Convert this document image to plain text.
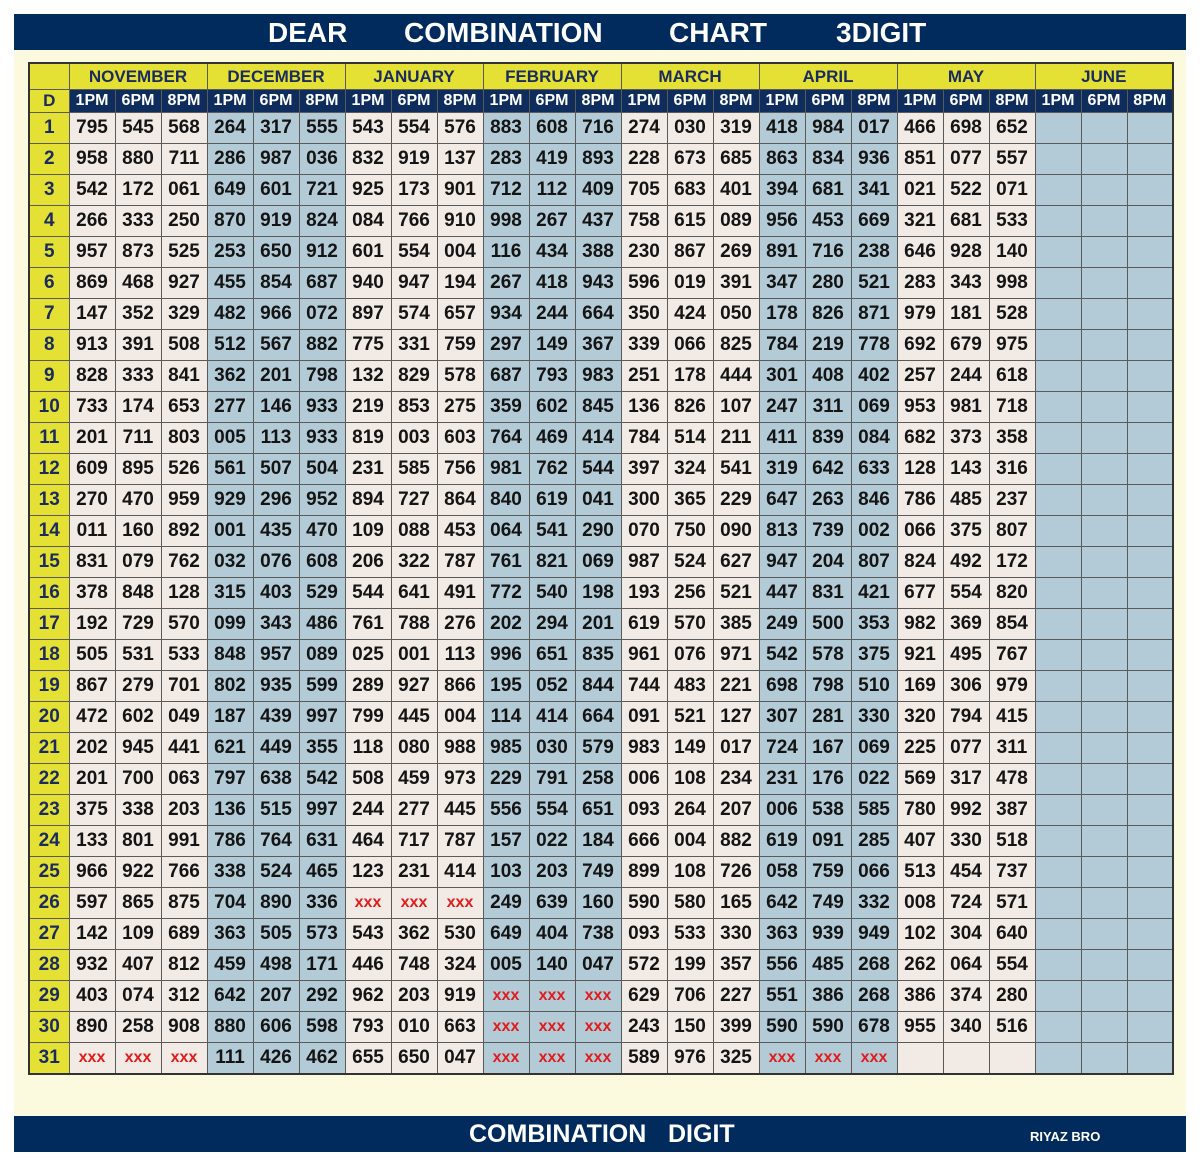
DEAR COMBINATION CHART 3DIGIT
	NOVEMBER			DECEMBER			JANUARY			FEBRUARY			MARCH			APRIL			MAY			JUNE		
D	1PM	6PM	8PM	1PM	6PM	8PM	1PM	6PM	8PM	1PM	6PM	8PM	1PM	6PM	8PM	1PM	6PM	8PM	1PM	6PM	8PM	1PM	6PM	8PM
1	795	545	568	264	317	555	543	554	576	883	608	716	274	030	319	418	984	017	466	698	652			
2	958	880	711	286	987	036	832	919	137	283	419	893	228	673	685	863	834	936	851	077	557			
3	542	172	061	649	601	721	925	173	901	712	112	409	705	683	401	394	681	341	021	522	071			
4	266	333	250	870	919	824	084	766	910	998	267	437	758	615	089	956	453	669	321	681	533			
5	957	873	525	253	650	912	601	554	004	116	434	388	230	867	269	891	716	238	646	928	140			
6	869	468	927	455	854	687	940	947	194	267	418	943	596	019	391	347	280	521	283	343	998			
7	147	352	329	482	966	072	897	574	657	934	244	664	350	424	050	178	826	871	979	181	528			
8	913	391	508	512	567	882	775	331	759	297	149	367	339	066	825	784	219	778	692	679	975			
9	828	333	841	362	201	798	132	829	578	687	793	983	251	178	444	301	408	402	257	244	618			
10	733	174	653	277	146	933	219	853	275	359	602	845	136	826	107	247	311	069	953	981	718			
11	201	711	803	005	113	933	819	003	603	764	469	414	784	514	211	411	839	084	682	373	358			
12	609	895	526	561	507	504	231	585	756	981	762	544	397	324	541	319	642	633	128	143	316			
13	270	470	959	929	296	952	894	727	864	840	619	041	300	365	229	647	263	846	786	485	237			
14	011	160	892	001	435	470	109	088	453	064	541	290	070	750	090	813	739	002	066	375	807			
15	831	079	762	032	076	608	206	322	787	761	821	069	987	524	627	947	204	807	824	492	172			
16	378	848	128	315	403	529	544	641	491	772	540	198	193	256	521	447	831	421	677	554	820			
17	192	729	570	099	343	486	761	788	276	202	294	201	619	570	385	249	500	353	982	369	854			
18	505	531	533	848	957	089	025	001	113	996	651	835	961	076	971	542	578	375	921	495	767			
19	867	279	701	802	935	599	289	927	866	195	052	844	744	483	221	698	798	510	169	306	979			
20	472	602	049	187	439	997	799	445	004	114	414	664	091	521	127	307	281	330	320	794	415			
21	202	945	441	621	449	355	118	080	988	985	030	579	983	149	017	724	167	069	225	077	311			
22	201	700	063	797	638	542	508	459	973	229	791	258	006	108	234	231	176	022	569	317	478			
23	375	338	203	136	515	997	244	277	445	556	554	651	093	264	207	006	538	585	780	992	387			
24	133	801	991	786	764	631	464	717	787	157	022	184	666	004	882	619	091	285	407	330	518			
25	966	922	766	338	524	465	123	231	414	103	203	749	899	108	726	058	759	066	513	454	737			
26	597	865	875	704	890	336	xxx	xxx	xxx	249	639	160	590	580	165	642	749	332	008	724	571			
27	142	109	689	363	505	573	543	362	530	649	404	738	093	533	330	363	939	949	102	304	640			
28	932	407	812	459	498	171	446	748	324	005	140	047	572	199	357	556	485	268	262	064	554			
29	403	074	312	642	207	292	962	203	919	xxx	xxx	xxx	629	706	227	551	386	268	386	374	280			
30	890	258	908	880	606	598	793	010	663	xxx	xxx	xxx	243	150	399	590	590	678	955	340	516			
31	xxx	xxx	xxx	111	426	462	655	650	047	xxx	xxx	xxx	589	976	325	xxx	xxx	xxx						
COMBINATION DIGIT	RIYAZ BRO
